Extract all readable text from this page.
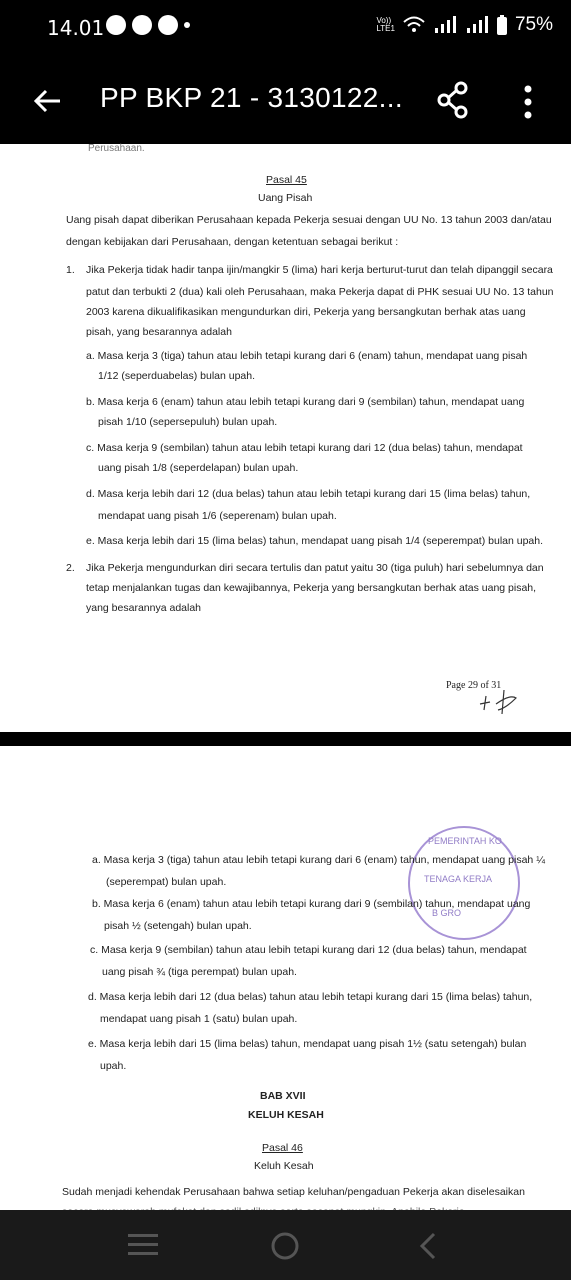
14.01	Vo))
LTE1	75%
PP BKP 21 - 3130122...
Perusahaan.
Pasal 45
Uang Pisah
Uang pisah dapat diberikan Perusahaan kepada Pekerja sesuai dengan UU No. 13 tahun 2003 dan/atau
dengan kebijakan dari Perusahaan, dengan ketentuan sebagai berikut :
1. Jika Pekerja tidak hadir tanpa ijin/mangkir 5 (lima) hari kerja berturut-turut dan telah dipanggil secara
patut dan terbukti 2 (dua) kali oleh Perusahaan, maka Pekerja dapat di PHK sesuai UU No. 13 tahun
2003 karena dikualifikasikan mengundurkan diri, Pekerja yang bersangkutan berhak atas uang
pisah, yang besarannya adalah
a. Masa kerja 3 (tiga) tahun atau lebih tetapi kurang dari 6 (enam) tahun, mendapat uang pisah
1/12 (seperduabelas) bulan upah.
b. Masa kerja 6 (enam) tahun atau lebih tetapi kurang dari 9 (sembilan) tahun, mendapat uang
pisah 1/10 (sepersepuluh) bulan upah.
c. Masa kerja 9 (sembilan) tahun atau lebih tetapi kurang dari 12 (dua belas) tahun, mendapat
uang pisah 1/8 (seperdelapan) bulan upah.
d. Masa kerja lebih dari 12 (dua belas) tahun atau lebih tetapi kurang dari 15 (lima belas) tahun,
mendapat uang pisah 1/6 (seperenam) bulan upah.
e. Masa kerja lebih dari 15 (lima belas) tahun, mendapat uang pisah 1/4 (seperempat) bulan upah.
2. Jika Pekerja mengundurkan diri secara tertulis dan patut yaitu 30 (tiga puluh) hari sebelumnya dan
tetap menjalankan tugas dan kewajibannya, Pekerja yang bersangkutan berhak atas uang pisah,
yang besarannya adalah
Page 29 of 31
PEMERINTAH KO
TENAGA KERJA
B GRO
a. Masa kerja 3 (tiga) tahun atau lebih tetapi kurang dari 6 (enam) tahun, mendapat uang pisah ¼
(seperempat) bulan upah.
b. Masa kerja 6 (enam) tahun atau lebih tetapi kurang dari 9 (sembilan) tahun, mendapat uang
pisah ½ (setengah) bulan upah.
c. Masa kerja 9 (sembilan) tahun atau lebih tetapi kurang dari 12 (dua belas) tahun, mendapat
uang pisah ¾ (tiga perempat) bulan upah.
d. Masa kerja lebih dari 12 (dua belas) tahun atau lebih tetapi kurang dari 15 (lima belas) tahun,
mendapat uang pisah 1 (satu) bulan upah.
e. Masa kerja lebih dari 15 (lima belas) tahun, mendapat uang pisah 1½ (satu setengah) bulan
upah.
BAB XVII
KELUH KESAH
Pasal 46
Keluh Kesah
Sudah menjadi kehendak Perusahaan bahwa setiap keluhan/pengaduan Pekerja akan diselesaikan
